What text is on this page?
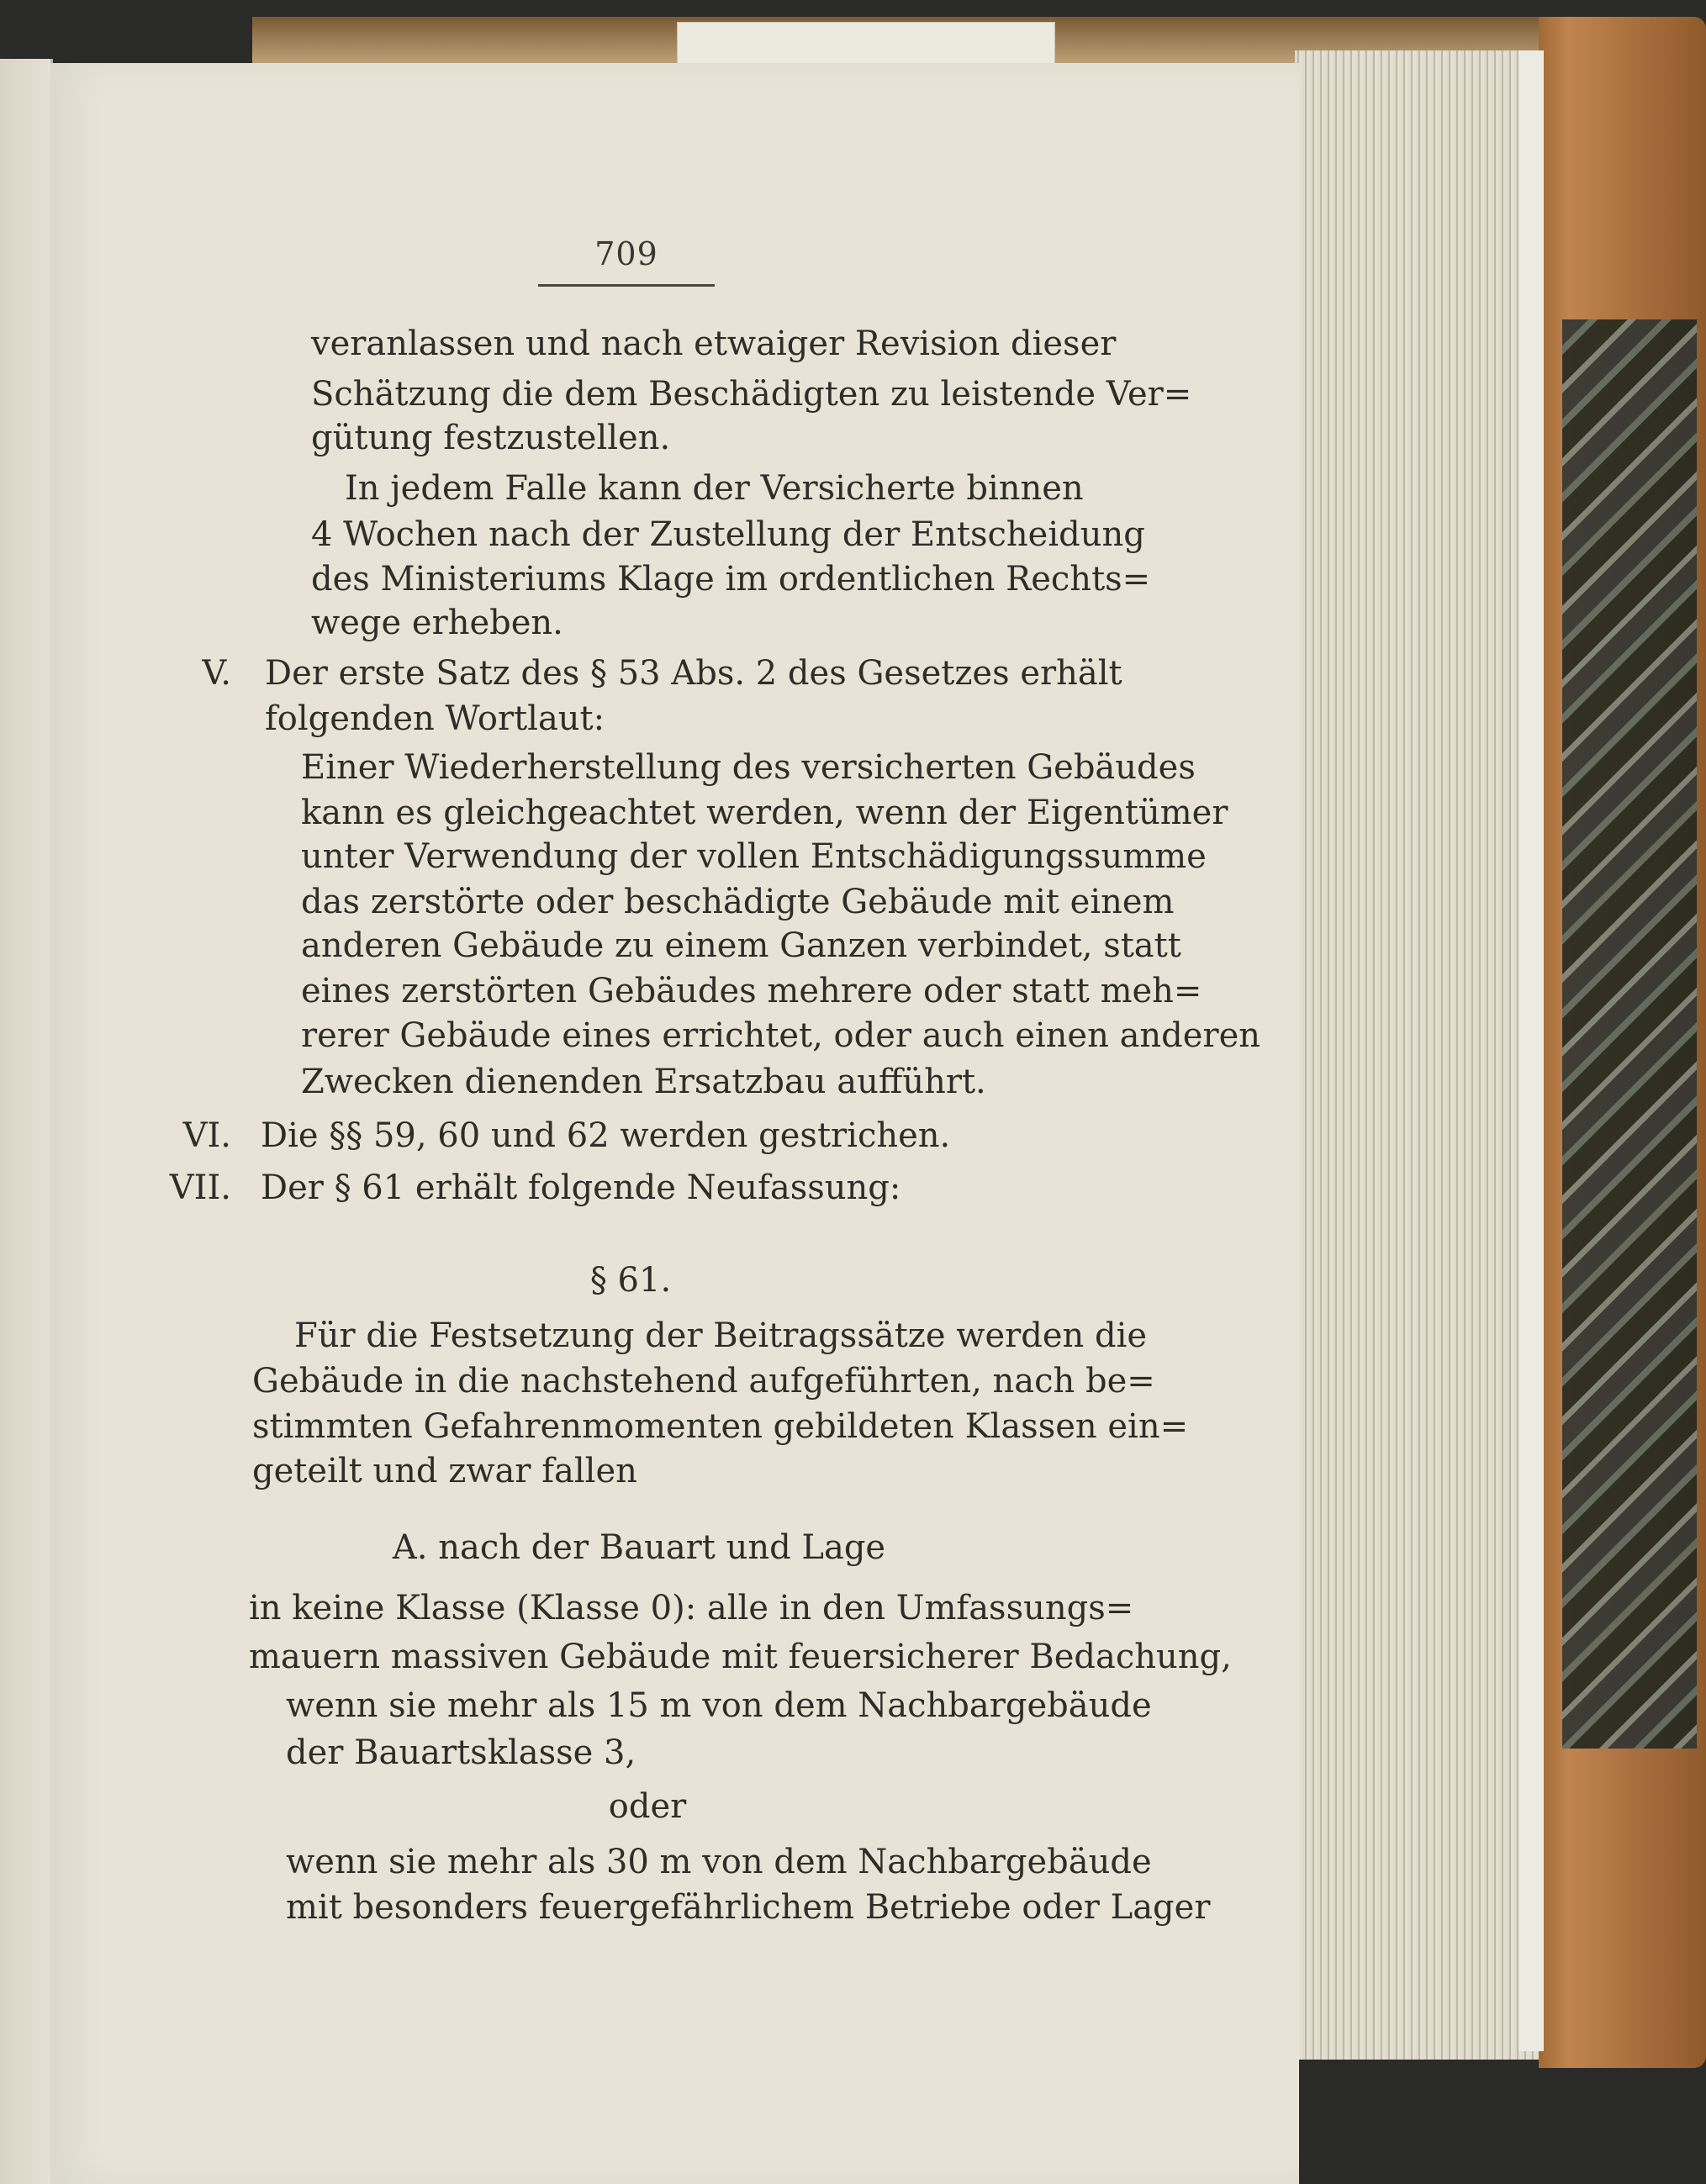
709

veranlassen und nach etwaiger Revision dieser

Schätzung die dem Beschädigten zu leistende Ver=

gütung festzustellen.

In jedem Falle kann der Versicherte binnen

4 Wochen nach der Zustellung der Entscheidung

des Ministeriums Klage im ordentlichen Rechts=

wege erheben.

V. Der erste Satz des § 53 Abs. 2 des Gesetzes erhält

folgenden Wortlaut:

Einer Wiederherstellung des versicherten Gebäudes

kann es gleichgeachtet werden, wenn der Eigentümer

unter Verwendung der vollen Entschädigungssumme

das zerstörte oder beschädigte Gebäude mit einem

anderen Gebäude zu einem Ganzen verbindet, statt

eines zerstörten Gebäudes mehrere oder statt meh=

rerer Gebäude eines errichtet, oder auch einen anderen

Zwecken dienenden Ersatzbau aufführt.

VI. Die §§ 59, 60 und 62 werden gestrichen.

VII. Der § 61 erhält folgende Neufassung:

§ 61.

Für die Festsetzung der Beitragssätze werden die

Gebäude in die nachstehend aufgeführten, nach be=

stimmten Gefahrenmomenten gebildeten Klassen ein=

geteilt und zwar fallen

A. nach der Bauart und Lage

in keine Klasse (Klasse 0): alle in den Umfassungs=

mauern massiven Gebäude mit feuersicherer Bedachung,

wenn sie mehr als 15 m von dem Nachbargebäude

der Bauartsklasse 3,

oder

wenn sie mehr als 30 m von dem Nachbargebäude

mit besonders feuergefährlichem Betriebe oder Lager
